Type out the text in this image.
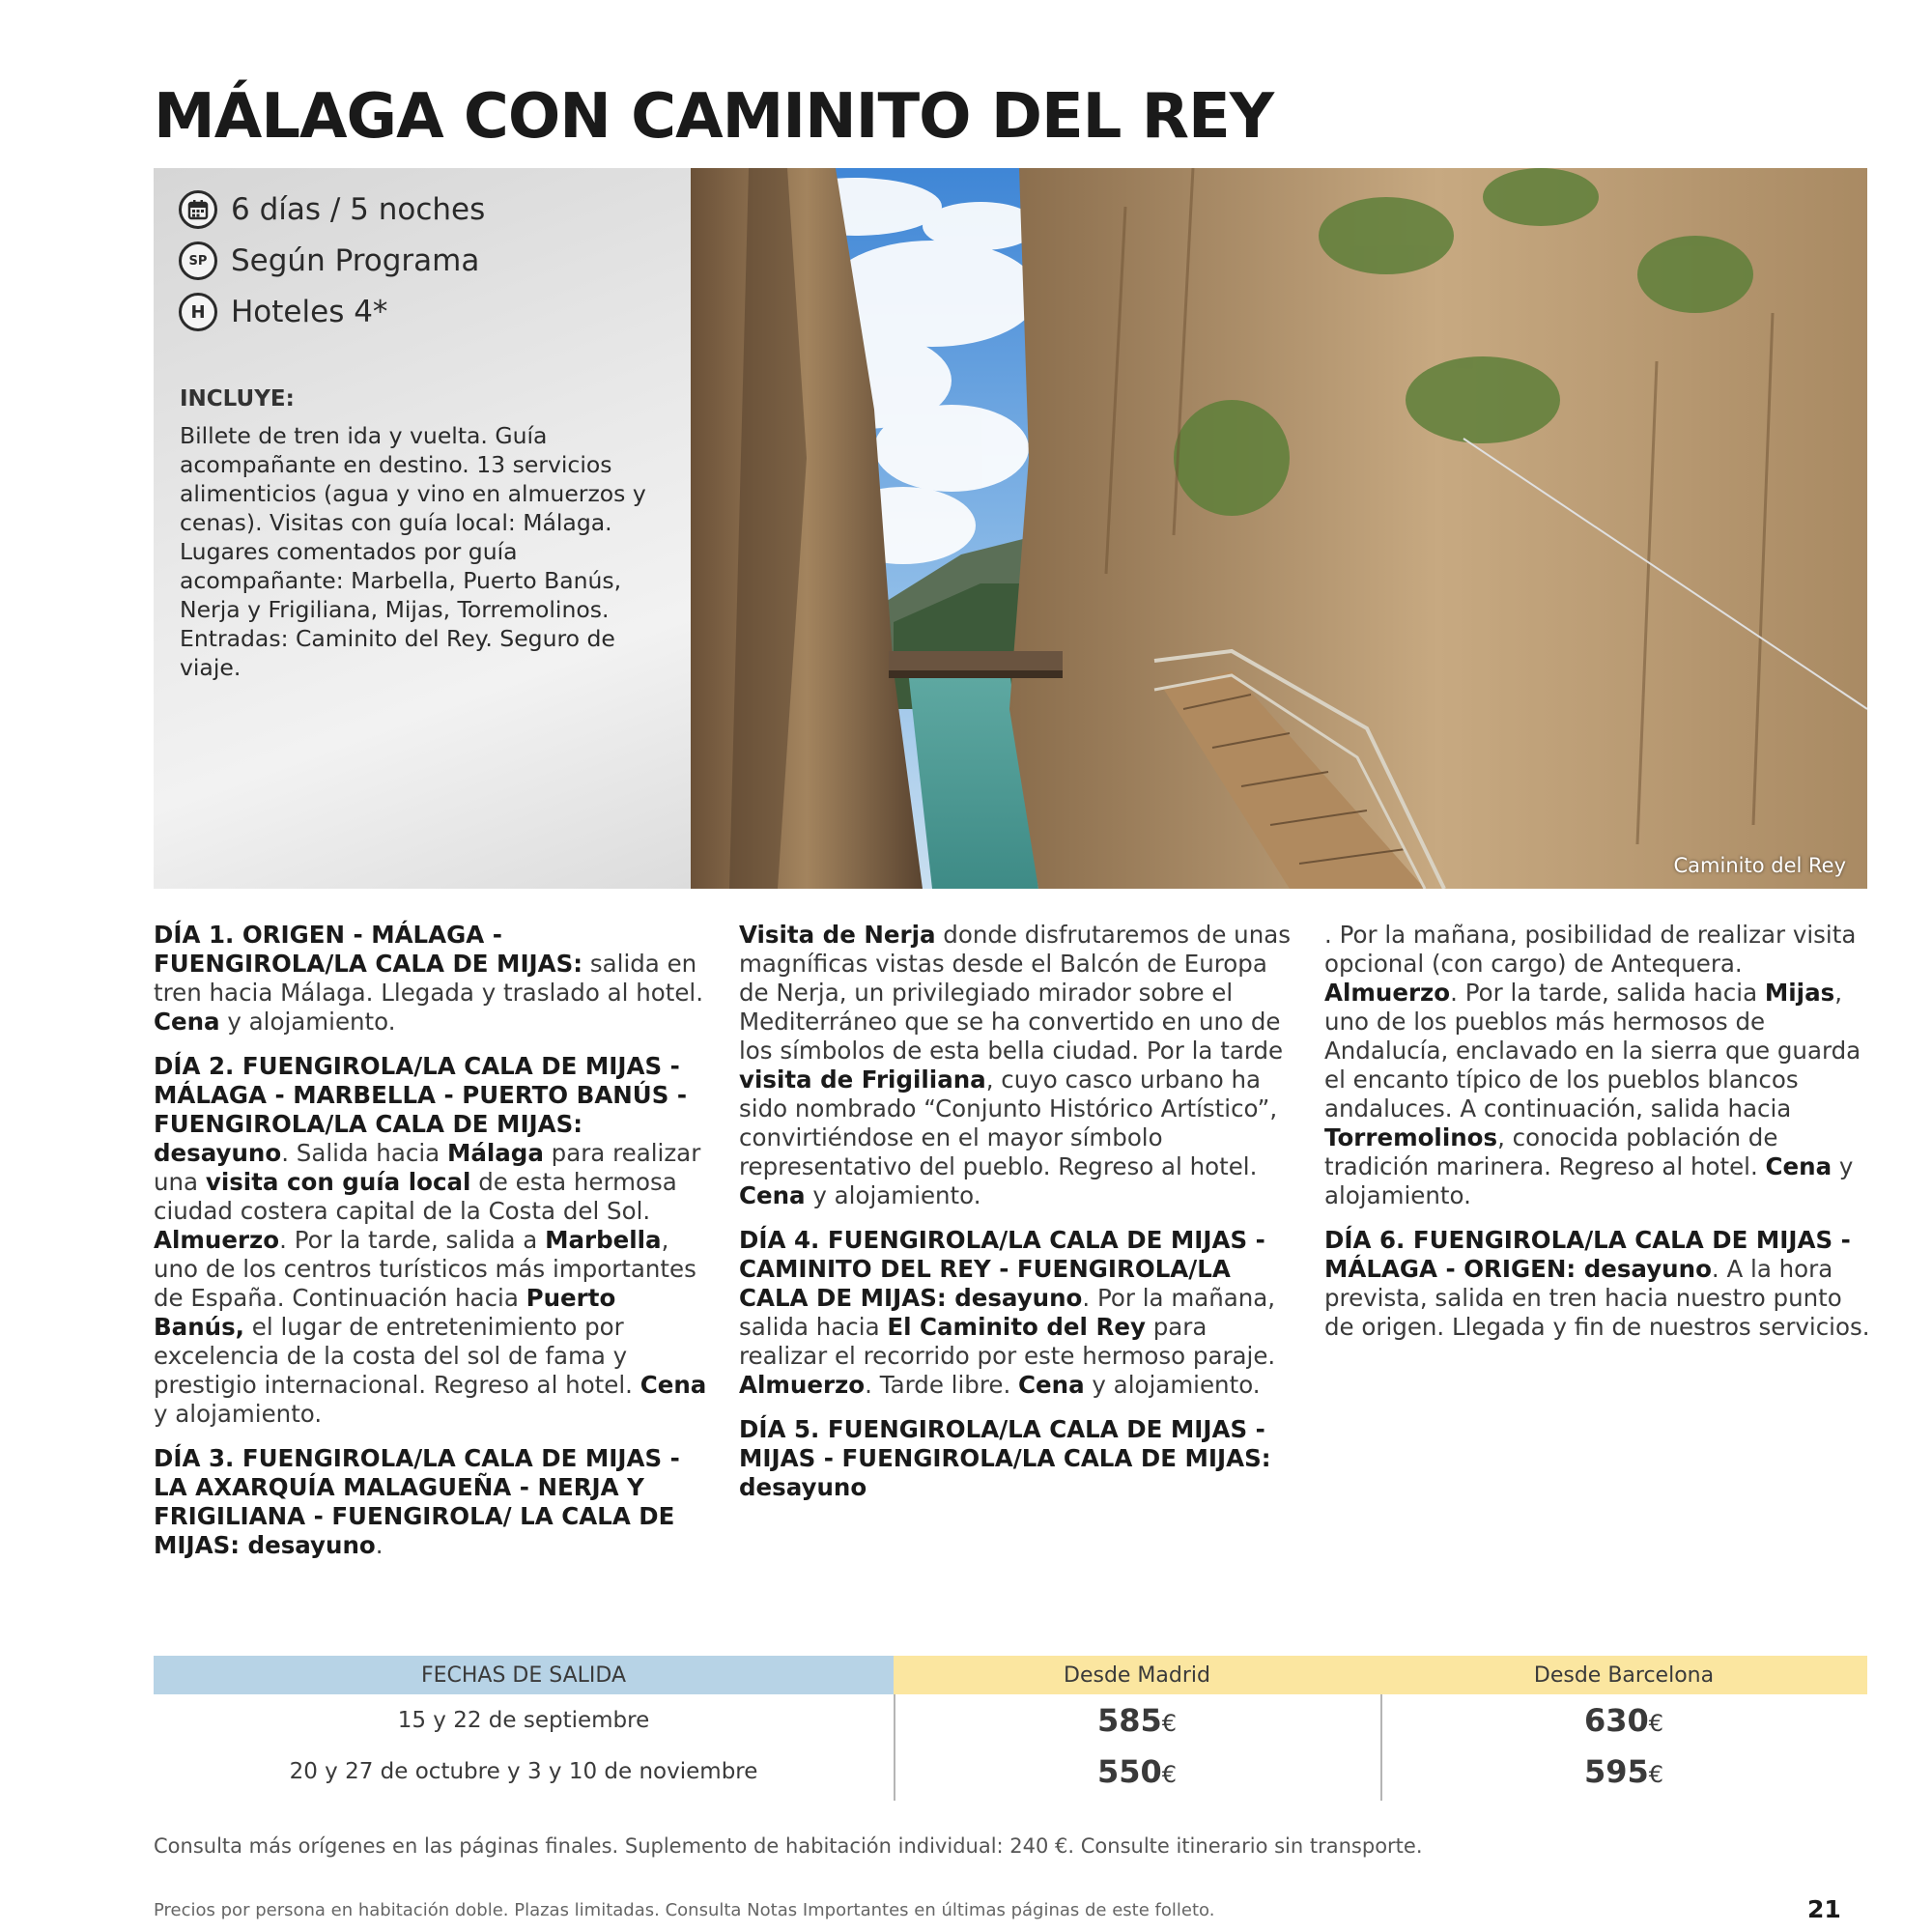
MÁLAGA CON CAMINITO DEL REY
6 días / 5 noches
SP Según Programa
H Hoteles 4*
INCLUYE:
Billete de tren ida y vuelta. Guía acompañante en destino. 13 servicios alimenticios (agua y vino en almuerzos y cenas). Visitas con guía local: Málaga. Lugares comentados por guía acompañante: Marbella, Puerto Banús, Nerja y Frigiliana, Mijas, Torremolinos. Entradas: Caminito del Rey. Seguro de viaje.
Caminito del Rey

DÍA 1. ORIGEN - MÁLAGA - FUENGIROLA/LA CALA DE MIJAS: salida en tren hacia Málaga. Llegada y traslado al hotel. Cena y alojamiento.

DÍA 2. FUENGIROLA/LA CALA DE MIJAS - MÁLAGA - MARBELLA - PUERTO BANÚS - FUENGIROLA/LA CALA DE MIJAS: desayuno. Salida hacia Málaga para realizar una visita con guía local de esta hermosa ciudad costera capital de la Costa del Sol. Almuerzo. Por la tarde, salida a Marbella, uno de los centros turísticos más importantes de España. Continuación hacia Puerto Banús, el lugar de entretenimiento por excelencia de la costa del sol de fama y prestigio internacional. Regreso al hotel. Cena y alojamiento.

DÍA 3. FUENGIROLA/LA CALA DE MIJAS - LA AXARQUÍA MALAGUEÑA - NERJA Y FRIGILIANA - FUENGIROLA/ LA CALA DE MIJAS: desayuno.

Visita de Nerja donde disfrutaremos de unas magníficas vistas desde el Balcón de Europa de Nerja, un privilegiado mirador sobre el Mediterráneo que se ha convertido en uno de los símbolos de esta bella ciudad. Por la tarde visita de Frigiliana, cuyo casco urbano ha sido nombrado “Conjunto Histórico Artístico”, convirtiéndose en el mayor símbolo representativo del pueblo. Regreso al hotel. Cena y alojamiento.

DÍA 4. FUENGIROLA/LA CALA DE MIJAS - CAMINITO DEL REY - FUENGIROLA/LA CALA DE MIJAS: desayuno. Por la mañana, salida hacia El Caminito del Rey para realizar el recorrido por este hermoso paraje. Almuerzo. Tarde libre. Cena y alojamiento.

DÍA 5. FUENGIROLA/LA CALA DE MIJAS - MIJAS - FUENGIROLA/LA CALA DE MIJAS: desayuno

. Por la mañana, posibilidad de realizar visita opcional (con cargo) de Antequera. Almuerzo. Por la tarde, salida hacia Mijas, uno de los pueblos más hermosos de Andalucía, enclavado en la sierra que guarda el encanto típico de los pueblos blancos andaluces. A continuación, salida hacia Torremolinos, conocida población de tradición marinera. Regreso al hotel. Cena y alojamiento.

DÍA 6. FUENGIROLA/LA CALA DE MIJAS - MÁLAGA - ORIGEN: desayuno. A la hora prevista, salida en tren hacia nuestro punto de origen. Llegada y fin de nuestros servicios.

FECHAS DE SALIDA	Desde Madrid	Desde Barcelona
15 y 22 de septiembre	585€	630€
20 y 27 de octubre y 3 y 10 de noviembre	550€	595€
Consulta más orígenes en las páginas finales. Suplemento de habitación individual: 240 €. Consulte itinerario sin transporte.
Precios por persona en habitación doble. Plazas limitadas. Consulta Notas Importantes en últimas páginas de este folleto.	21
